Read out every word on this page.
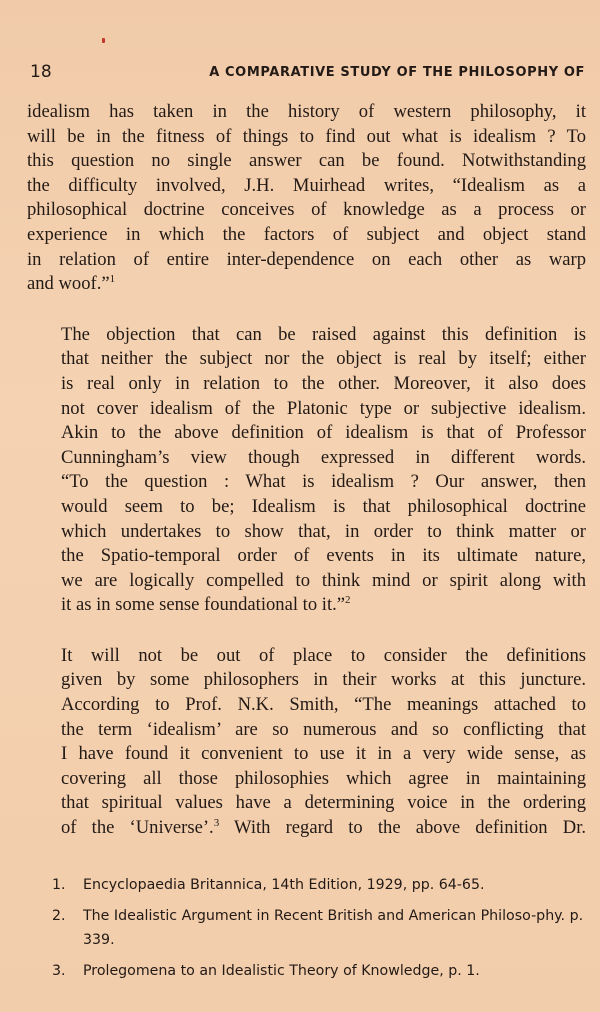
18	A COMPARATIVE STUDY OF THE PHILOSOPHY OF

idealism has taken in the history of western philosophy, it
will be in the fitness of things to find out what is idealism ? To
this question no single answer can be found. Notwithstanding
the difficulty involved, J.H. Muirhead writes, “Idealism as a
philosophical doctrine conceives of knowledge as a process or
experience in which the factors of subject and object stand
in relation of entire inter-dependence on each other as warp
and woof.”$^1$

The objection that can be raised against this definition is
that neither the subject nor the object is real by itself; either
is real only in relation to the other. Moreover, it also does
not cover idealism of the Platonic type or subjective idealism.
Akin to the above definition of idealism is that of Professor
Cunningham’s view though expressed in different words.
“To the question : What is idealism ? Our answer, then
would seem to be; Idealism is that philosophical doctrine
which undertakes to show that, in order to think matter or
the Spatio-temporal order of events in its ultimate nature,
we are logically compelled to think mind or spirit along with
it as in some sense foundational to it.”$^2$

It will not be out of place to consider the definitions
given by some philosophers in their works at this juncture.
According to Prof. N.K. Smith, “The meanings attached to
the term ‘idealism’ are so numerous and so conflicting that
I have found it convenient to use it in a very wide sense, as
covering all those philosophies which agree in maintaining
that spiritual values have a determining voice in the ordering
of the ‘Universe’.$^3$ With regard to the above definition Dr.

1. Encyclopaedia Britannica, 14th Edition, 1929, pp. 64-65.
2. The Idealistic Argument in Recent British and American Philoso-phy. p. 339.
3. Prolegomena to an Idealistic Theory of Knowledge, p. 1.
